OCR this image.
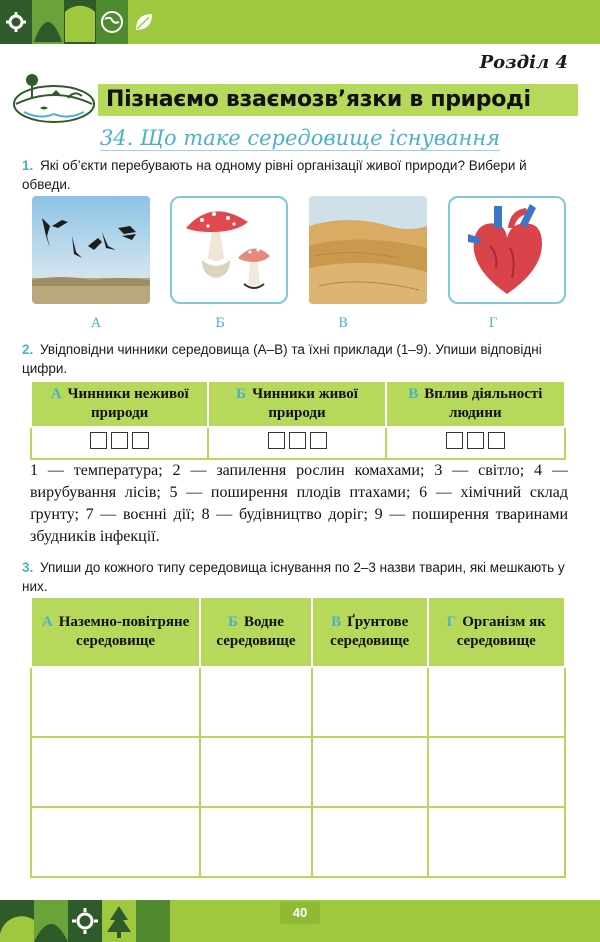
Розділ 4
Пізнаємо взаємозв’язки в природі
34. Що таке середовище існування
1. Які об’єкти перебувають на одному рівні організації живої природи? Вибери й обведи.
А	Б	В	Г
2. Увідповідни чинники середовища (А–В) та їхні приклади (1–9). Упиши відповідні цифри.
А Чинники неживої природи	Б Чинники живої природи	В Вплив діяльності людини

1 — температура; 2 — запилення рослин комахами; 3 — світло; 4 — вирубування лісів; 5 — поширення плодів птахами; 6 — хімічний склад ґрунту; 7 — воєнні дії; 8 — будівництво доріг; 9 — поширення тваринами збудників інфекції.
3. Упиши до кожного типу середовища існування по 2–3 назви тварин, які мешкають у них.
А Наземно-повітряне середовище	Б Водне середовище	В Ґрунтове середовище	Г Організм як середовище

40
